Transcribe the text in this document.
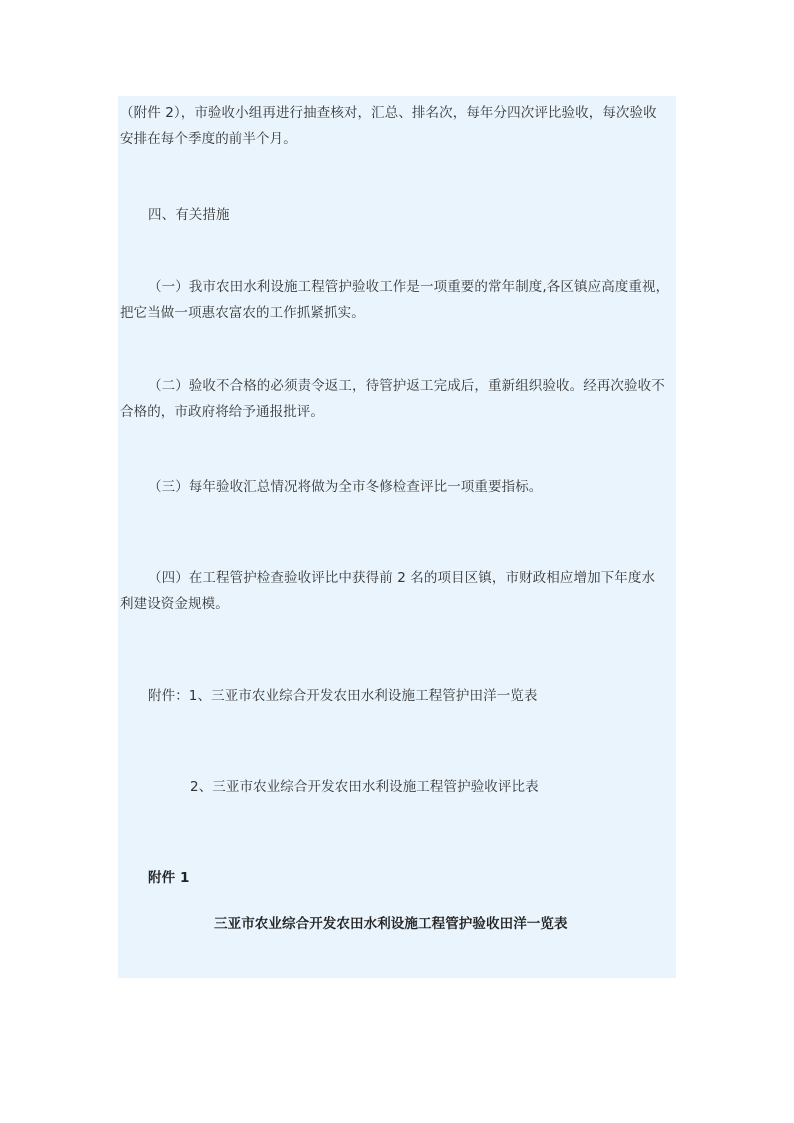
（附件 2），市验收小组再进行抽查核对，汇总、排名次，每年分四次评比验收，每次验收
安排在每个季度的前半个月。
四、有关措施
（一）我市农田水利设施工程管护验收工作是一项重要的常年制度,各区镇应高度重视，
把它当做一项惠农富农的工作抓紧抓实。
（二）验收不合格的必须责令返工，待管护返工完成后，重新组织验收。经再次验收不
合格的，市政府将给予通报批评。
（三）每年验收汇总情况将做为全市冬修检查评比一项重要指标。
（四）在工程管护检查验收评比中获得前 2 名的项目区镇，市财政相应增加下年度水
利建设资金规模。
附件：1、三亚市农业综合开发农田水利设施工程管护田洋一览表
2、三亚市农业综合开发农田水利设施工程管护验收评比表
附件 1
三亚市农业综合开发农田水利设施工程管护验收田洋一览表
